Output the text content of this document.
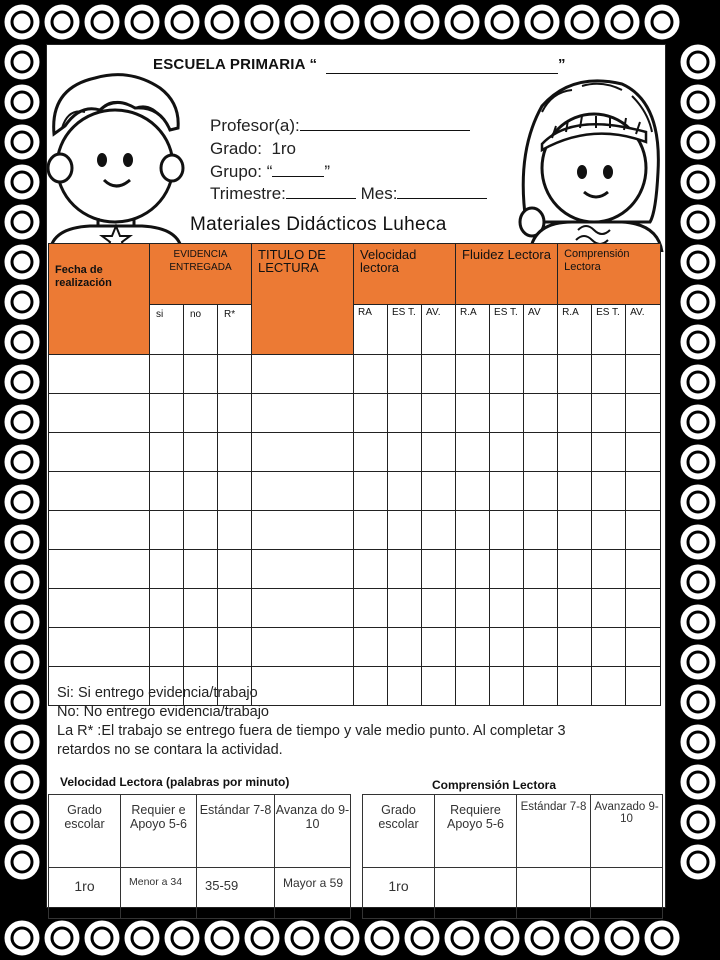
ESCUELA PRIMARIA “	”
Profesor(a):
Grado: 1ro
Grupo: “	”
Trimestre:	Mes:
Materiales Didácticos Luheca
Fecha de realización	EVIDENCIA ENTREGADA			TITULO DE LECTURA	Velocidad lectora			Fluidez Lectora			Comprensión Lectora		
	si	no	R*		RA	ES T.	AV.	R.A	ES T.	AV	R.A	ES T.	AV.

Si: Si entrego evidencia/trabajo
No: No entrego evidencia/trabajo
La R* :El trabajo se entrego fuera de tiempo y vale medio punto. Al completar 3 retardos no se contara la actividad.
Velocidad Lectora (palabras por minuto)	Comprensión Lectora
Grado escolar	Requier e Apoyo 5-6	Estándar 7-8	Avanza do 9-10
1ro	Menor a 34	35-59	Mayor a 59
Grado escolar	Requiere Apoyo 5-6	Estándar 7-8	Avanzado 9-10
1ro			
